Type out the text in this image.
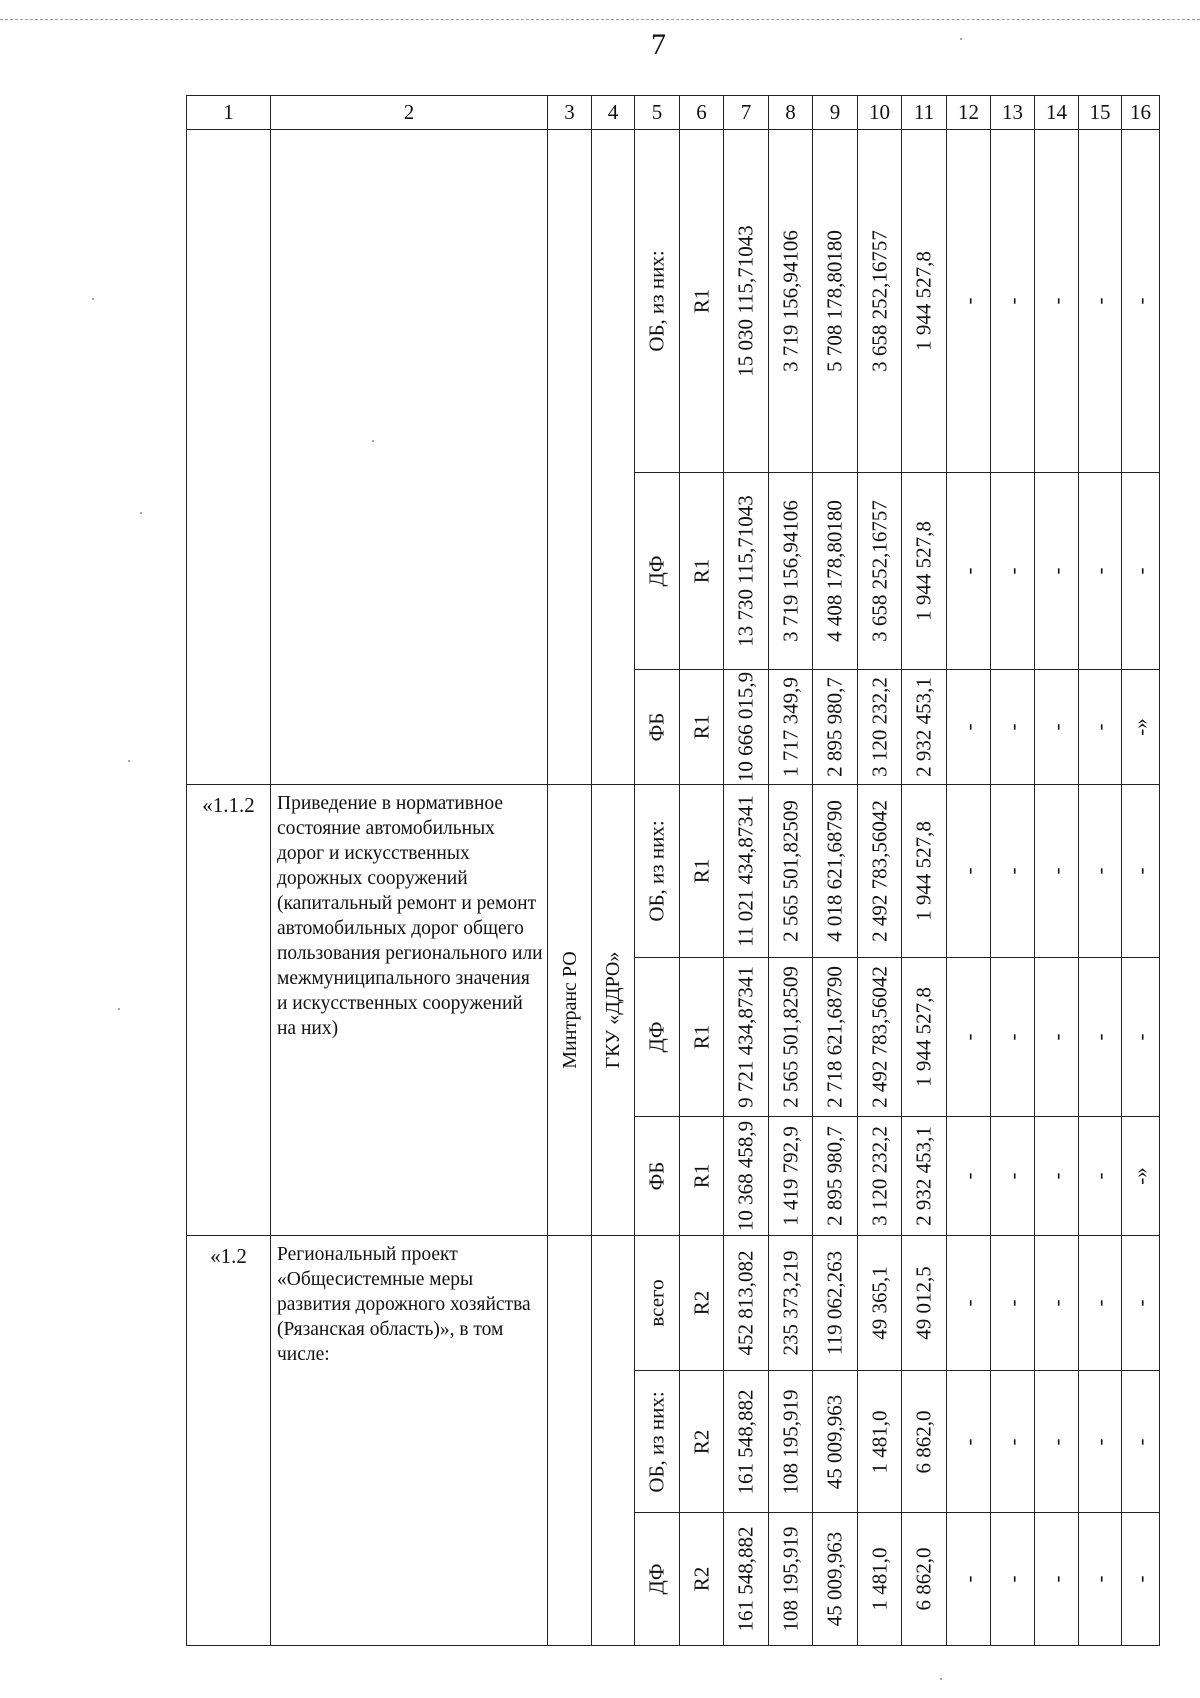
7
1	2	3	4	5	6	7	8	9	10	11	12	13	14	15	16

				ОБ, из них:	R1	15 030 115,71043	3 719 156,94106	5 708 178,80180	3 658 252,16757	1 944 527,8	-	-	-	-	-

				ДФ	R1	13 730 115,71043	3 719 156,94106	4 408 178,80180	3 658 252,16757	1 944 527,8	-	-	-	-	-

				ФБ	R1	10 666 015,9	1 717 349,9	2 895 980,7	3 120 232,2	2 932 453,1	-	-	-	-	-»

«1.1.2	Приведение в нормативное состояние автомобильных дорог и искусственных дорожных сооружений (капитальный ремонт и ремонт автомобильных дорог общего пользования регионального или межмуниципального значения и искусственных сооружений на них)	Минтранс РО	ГКУ «ДДРО»	ОБ, из них:	R1	11 021 434,87341	2 565 501,82509	4 018 621,68790	2 492 783,56042	1 944 527,8	-	-	-	-	-

				ДФ	R1	9 721 434,87341	2 565 501,82509	2 718 621,68790	2 492 783,56042	1 944 527,8	-	-	-	-	-

				ФБ	R1	10 368 458,9	1 419 792,9	2 895 980,7	3 120 232,2	2 932 453,1	-	-	-	-	-»

«1.2	Региональный проект «Общесистемные меры развития дорожного хозяйства (Рязанская область)», в том числе:			всего	R2	452 813,082	235 373,219	119 062,263	49 365,1	49 012,5	-	-	-	-	-

				ОБ, из них:	R2	161 548,882	108 195,919	45 009,963	1 481,0	6 862,0	-	-	-	-	-

				ДФ	R2	161 548,882	108 195,919	45 009,963	1 481,0	6 862,0	-	-	-	-	-
